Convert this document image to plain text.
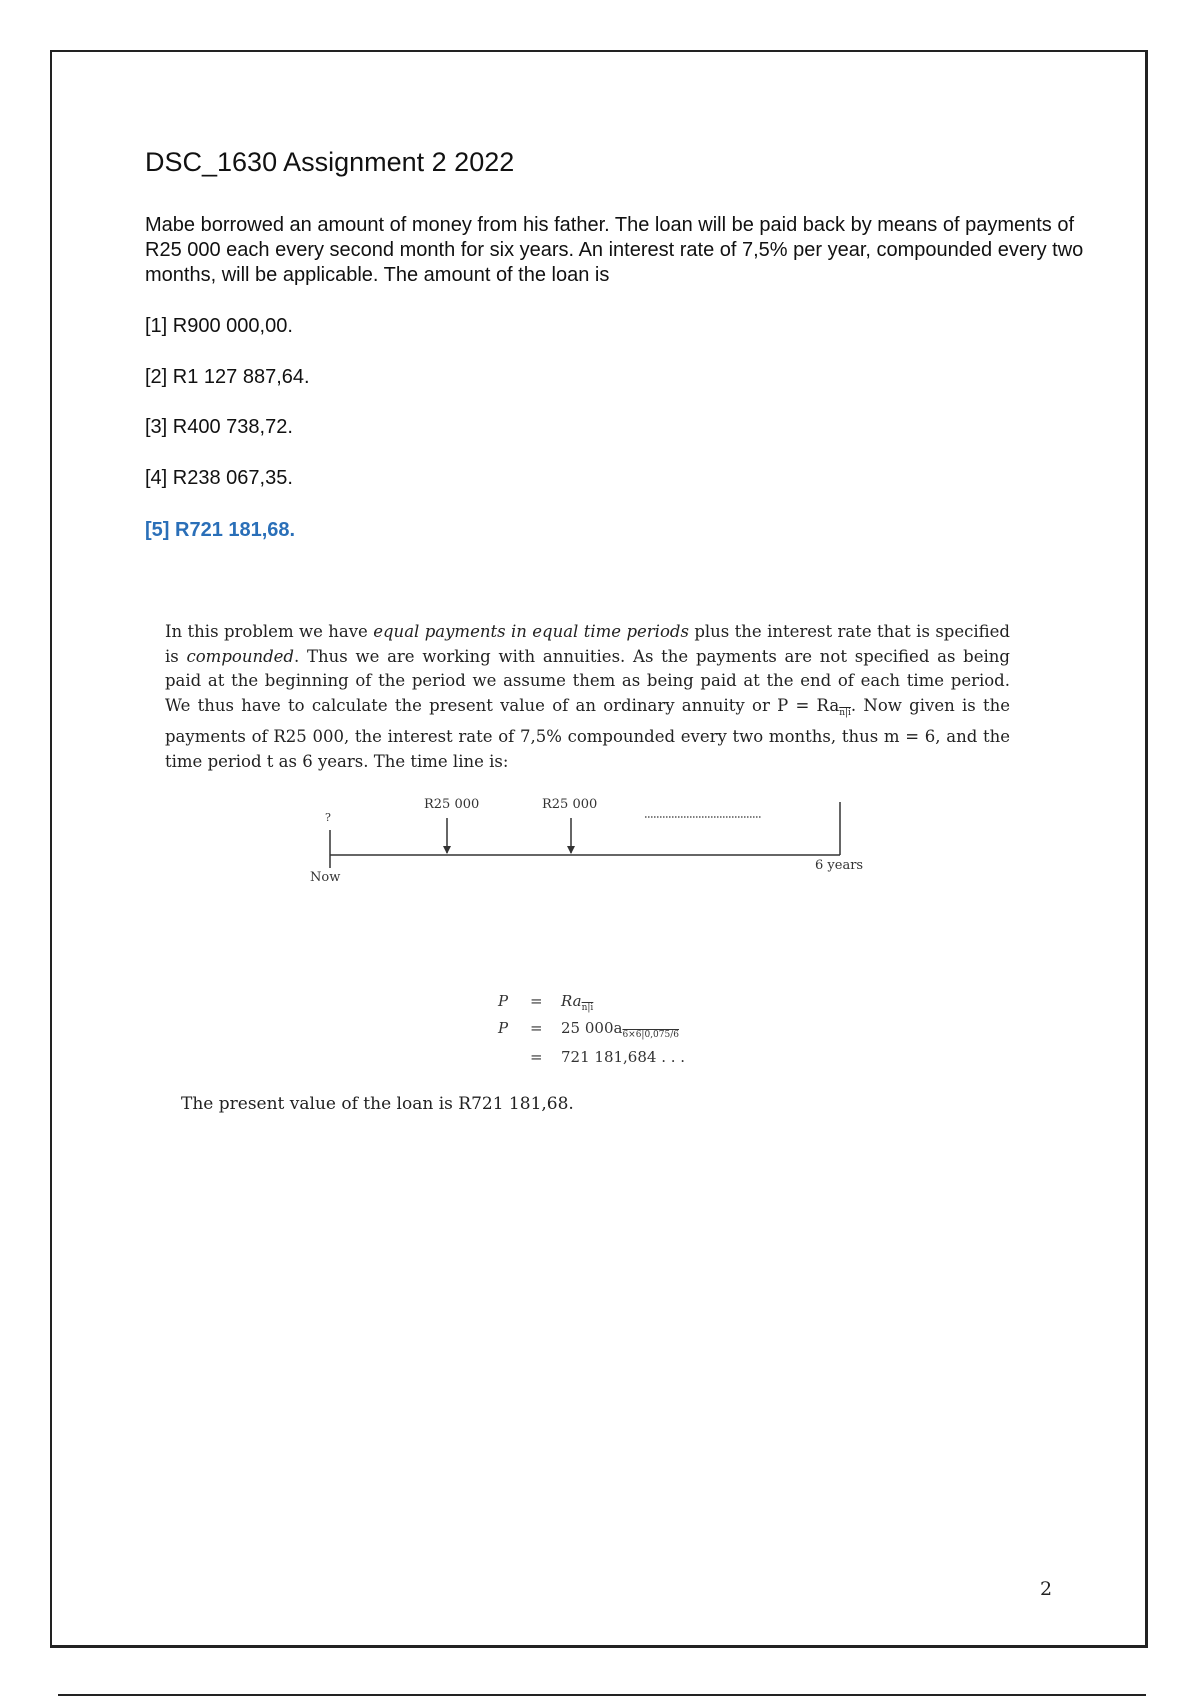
DSC_1630 Assignment 2 2022
Mabe borrowed an amount of money from his father. The loan will be paid back by means of payments of R25 000 each every second month for six years. An interest rate of 7,5% per year, compounded every two months, will be applicable. The amount of the loan is
[1] R900 000,00.
[2] R1 127 887,64.
[3] R400 738,72.
[4] R238 067,35.
[5] R721 181,68.
In this problem we have equal payments in equal time periods plus the interest rate that is specified is compounded. Thus we are working with annuities. As the payments are not specified as being paid at the beginning of the period we assume them as being paid at the end of each time period. We thus have to calculate the present value of an ordinary annuity or $P = Ra_{n|i}$. Now given is the payments of R25 000, the interest rate of 7,5% compounded every two months, thus m = 6, and the time period t as 6 years. The time line is:
?
R25 000	R25 000
Now
6 years
$P = Ra_{n|i}$
P = 25 $000a_{6\times 6|0,075/6}$
= 721 181,684 . . .
The present value of the loan is R721 181,68.
2
